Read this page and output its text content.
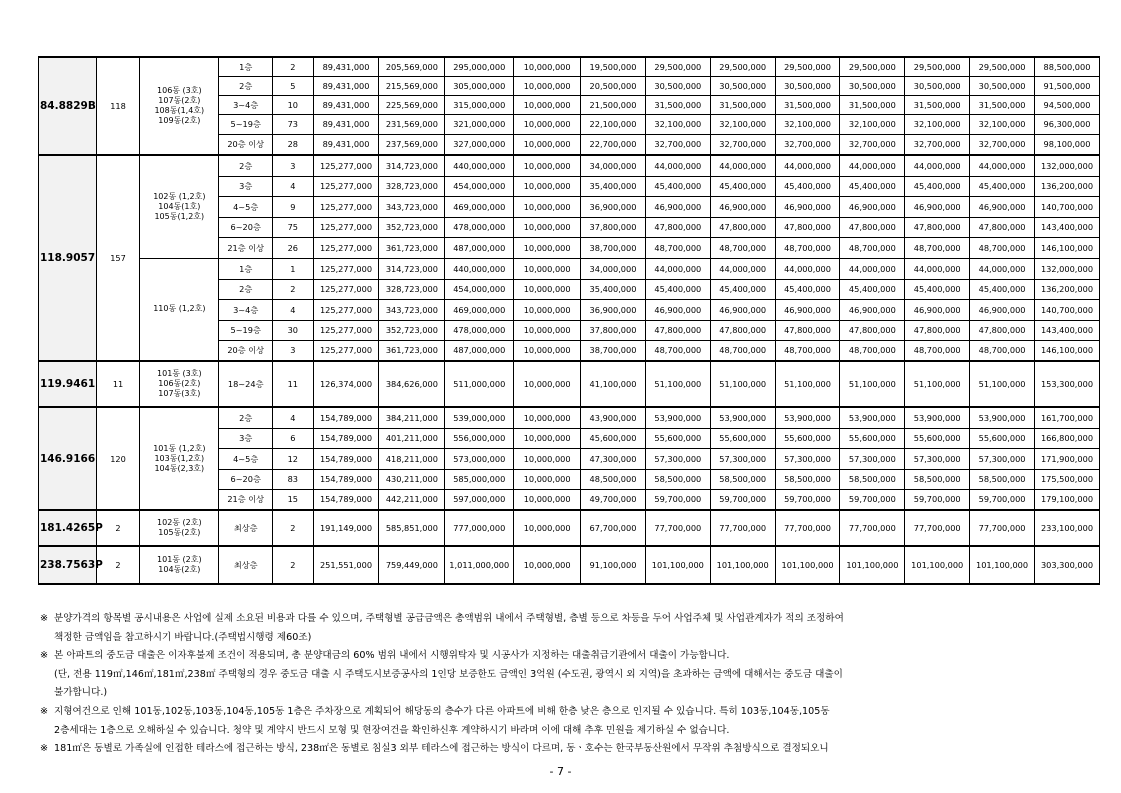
84.8829B	118	106동 (3호)
107동(2호)
108동(1,4호)
109동(2호)	1층	2	89,431,000	205,569,000	295,000,000	10,000,000	19,500,000	29,500,000	29,500,000	29,500,000	29,500,000	29,500,000	29,500,000	88,500,000
			2층	5	89,431,000	215,569,000	305,000,000	10,000,000	20,500,000	30,500,000	30,500,000	30,500,000	30,500,000	30,500,000	30,500,000	91,500,000
			3~4층	10	89,431,000	225,569,000	315,000,000	10,000,000	21,500,000	31,500,000	31,500,000	31,500,000	31,500,000	31,500,000	31,500,000	94,500,000
			5~19층	73	89,431,000	231,569,000	321,000,000	10,000,000	22,100,000	32,100,000	32,100,000	32,100,000	32,100,000	32,100,000	32,100,000	96,300,000
			20층 이상	28	89,431,000	237,569,000	327,000,000	10,000,000	22,700,000	32,700,000	32,700,000	32,700,000	32,700,000	32,700,000	32,700,000	98,100,000
118.9057	157	102동 (1,2호)
104동(1호)
105동(1,2호)	2층	3	125,277,000	314,723,000	440,000,000	10,000,000	34,000,000	44,000,000	44,000,000	44,000,000	44,000,000	44,000,000	44,000,000	132,000,000
			3층	4	125,277,000	328,723,000	454,000,000	10,000,000	35,400,000	45,400,000	45,400,000	45,400,000	45,400,000	45,400,000	45,400,000	136,200,000
			4~5층	9	125,277,000	343,723,000	469,000,000	10,000,000	36,900,000	46,900,000	46,900,000	46,900,000	46,900,000	46,900,000	46,900,000	140,700,000
			6~20층	75	125,277,000	352,723,000	478,000,000	10,000,000	37,800,000	47,800,000	47,800,000	47,800,000	47,800,000	47,800,000	47,800,000	143,400,000
			21층 이상	26	125,277,000	361,723,000	487,000,000	10,000,000	38,700,000	48,700,000	48,700,000	48,700,000	48,700,000	48,700,000	48,700,000	146,100,000

		110동 (1,2호)	1층	1	125,277,000	314,723,000	440,000,000	10,000,000	34,000,000	44,000,000	44,000,000	44,000,000	44,000,000	44,000,000	44,000,000	132,000,000
			2층	2	125,277,000	328,723,000	454,000,000	10,000,000	35,400,000	45,400,000	45,400,000	45,400,000	45,400,000	45,400,000	45,400,000	136,200,000
			3~4층	4	125,277,000	343,723,000	469,000,000	10,000,000	36,900,000	46,900,000	46,900,000	46,900,000	46,900,000	46,900,000	46,900,000	140,700,000
			5~19층	30	125,277,000	352,723,000	478,000,000	10,000,000	37,800,000	47,800,000	47,800,000	47,800,000	47,800,000	47,800,000	47,800,000	143,400,000
			20층 이상	3	125,277,000	361,723,000	487,000,000	10,000,000	38,700,000	48,700,000	48,700,000	48,700,000	48,700,000	48,700,000	48,700,000	146,100,000
119.9461	11	101동 (3호)
106동(2호)
107동(3호)	18~24층	11	126,374,000	384,626,000	511,000,000	10,000,000	41,100,000	51,100,000	51,100,000	51,100,000	51,100,000	51,100,000	51,100,000	153,300,000
146.9166	120	101동 (1,2호)
103동(1,2호)
104동(2,3호)	2층	4	154,789,000	384,211,000	539,000,000	10,000,000	43,900,000	53,900,000	53,900,000	53,900,000	53,900,000	53,900,000	53,900,000	161,700,000
			3층	6	154,789,000	401,211,000	556,000,000	10,000,000	45,600,000	55,600,000	55,600,000	55,600,000	55,600,000	55,600,000	55,600,000	166,800,000
			4~5층	12	154,789,000	418,211,000	573,000,000	10,000,000	47,300,000	57,300,000	57,300,000	57,300,000	57,300,000	57,300,000	57,300,000	171,900,000
			6~20층	83	154,789,000	430,211,000	585,000,000	10,000,000	48,500,000	58,500,000	58,500,000	58,500,000	58,500,000	58,500,000	58,500,000	175,500,000
			21층 이상	15	154,789,000	442,211,000	597,000,000	10,000,000	49,700,000	59,700,000	59,700,000	59,700,000	59,700,000	59,700,000	59,700,000	179,100,000
181.4265P	2	102동 (2호)
105동(2호)	최상층	2	191,149,000	585,851,000	777,000,000	10,000,000	67,700,000	77,700,000	77,700,000	77,700,000	77,700,000	77,700,000	77,700,000	233,100,000
238.7563P	2	101동 (2호)
104동(2호)	최상층	2	251,551,000	759,449,000	1,011,000,000	10,000,000	91,100,000	101,100,000	101,100,000	101,100,000	101,100,000	101,100,000	101,100,000	303,300,000
※ 분양가격의 항목별 공시내용은 사업에 실제 소요된 비용과 다를 수 있으며, 주택형별 공급금액은 총액범위 내에서 주택형별, 층별 등으로 차등을 두어 사업주체 및 사업관계자가 적의 조정하여
책정한 금액임을 참고하시기 바랍니다.(주택법시행령 제60조)
※ 본 아파트의 중도금 대출은 이자후불제 조건이 적용되며, 총 분양대금의 60% 범위 내에서 시행위탁자 및 시공사가 지정하는 대출취급기관에서 대출이 가능합니다.
(단, 전용 119㎡,146㎡,181㎡,238㎡ 주택형의 경우 중도금 대출 시 주택도시보증공사의 1인당 보증한도 금액인 3억원 (수도권, 광역시 외 지역)을 초과하는 금액에 대해서는 중도금 대출이
불가합니다.)
※ 지형여건으로 인해 101동,102동,103동,104동,105동 1층은 주차장으로 계획되어 해당동의 층수가 다른 아파트에 비해 한층 낮은 층으로 인지될 수 있습니다. 특히 103동,104동,105동
2층세대는 1층으로 오해하실 수 있습니다. 청약 및 계약시 반드시 모형 및 현장여건을 확인하신후 계약하시기 바라며 이에 대해 추후 민원을 제기하실 수 없습니다.
※ 181㎡은 동별로 가족실에 인접한 테라스에 접근하는 방식, 238㎡은 동별로 침실3 외부 테라스에 접근하는 방식이 다르며, 동ㆍ호수는 한국부동산원에서 무작위 추첨방식으로 결정되오니
- 7 -
